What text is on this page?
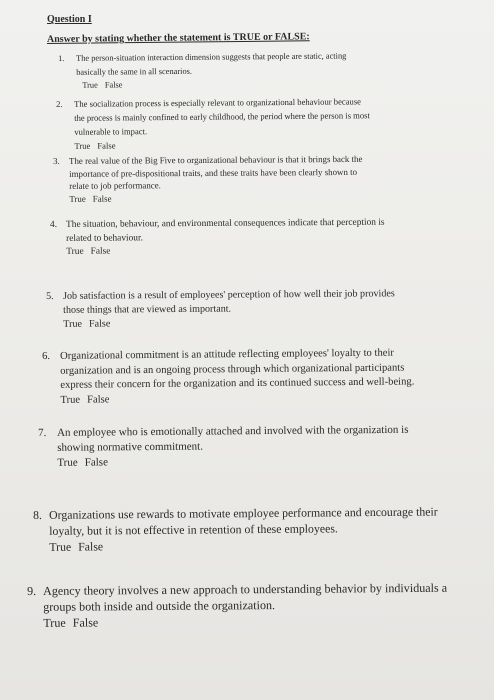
Question I
Answer by stating whether the statement is TRUE or FALSE:
1. The person-situation interaction dimension suggests that people are static, acting
basically the same in all scenarios.
True False
2. The socialization process is especially relevant to organizational behaviour because
the process is mainly confined to early childhood, the period where the person is most
vulnerable to impact.
True False
3. The real value of the Big Five to organizational behaviour is that it brings back the
importance of pre-dispositional traits, and these traits have been clearly shown to
relate to job performance.
True False
4. The situation, behaviour, and environmental consequences indicate that perception is
related to behaviour.
True False
5. Job satisfaction is a result of employees' perception of how well their job provides
those things that are viewed as important.
True False
6. Organizational commitment is an attitude reflecting employees' loyalty to their
organization and is an ongoing process through which organizational participants
express their concern for the organization and its continued success and well-being.
True False
7. An employee who is emotionally attached and involved with the organization is
showing normative commitment.
True False
8. Organizations use rewards to motivate employee performance and encourage their
loyalty, but it is not effective in retention of these employees.
True False
9. Agency theory involves a new approach to understanding behavior by individuals a
groups both inside and outside the organization.
True False
